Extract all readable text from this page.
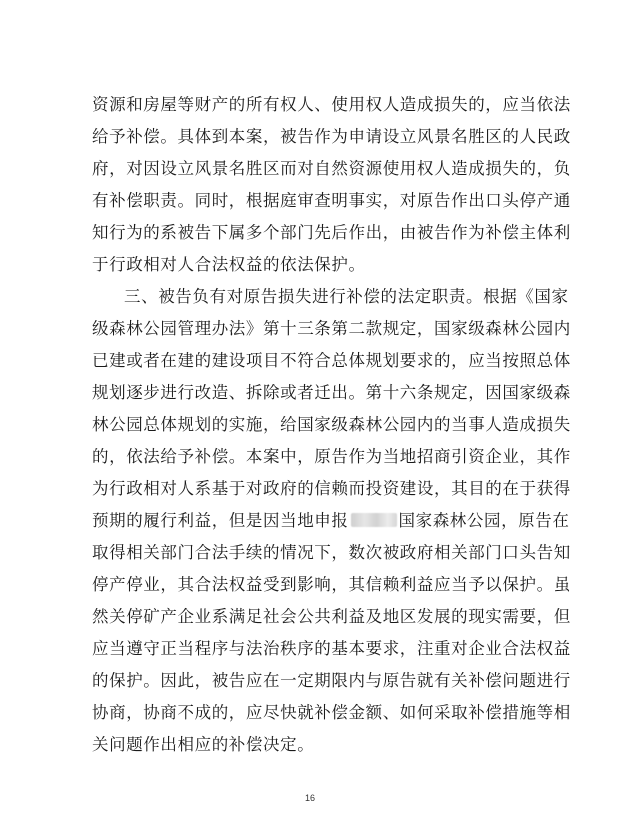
资源和房屋等财产的所有权人、使用权人造成损失的，应当依法
给予补偿。具体到本案，被告作为申请设立风景名胜区的人民政
府，对因设立风景名胜区而对自然资源使用权人造成损失的，负
有补偿职责。同时，根据庭审查明事实，对原告作出口头停产通
知行为的系被告下属多个部门先后作出，由被告作为补偿主体利
于行政相对人合法权益的依法保护。
三、被告负有对原告损失进行补偿的法定职责。根据《国家
级森林公园管理办法》第十三条第二款规定，国家级森林公园内
已建或者在建的建设项目不符合总体规划要求的，应当按照总体
规划逐步进行改造、拆除或者迁出。第十六条规定，因国家级森
林公园总体规划的实施，给国家级森林公园内的当事人造成损失
的，依法给予补偿。本案中，原告作为当地招商引资企业，其作
为行政相对人系基于对政府的信赖而投资建设，其目的在于获得
预期的履行利益，但是因当地申报	国家森林公园，原告在
取得相关部门合法手续的情况下，数次被政府相关部门口头告知
停产停业，其合法权益受到影响，其信赖利益应当予以保护。虽
然关停矿产企业系满足社会公共利益及地区发展的现实需要，但
应当遵守正当程序与法治秩序的基本要求，注重对企业合法权益
的保护。因此，被告应在一定期限内与原告就有关补偿问题进行
协商，协商不成的，应尽快就补偿金额、如何采取补偿措施等相
关问题作出相应的补偿决定。
16
